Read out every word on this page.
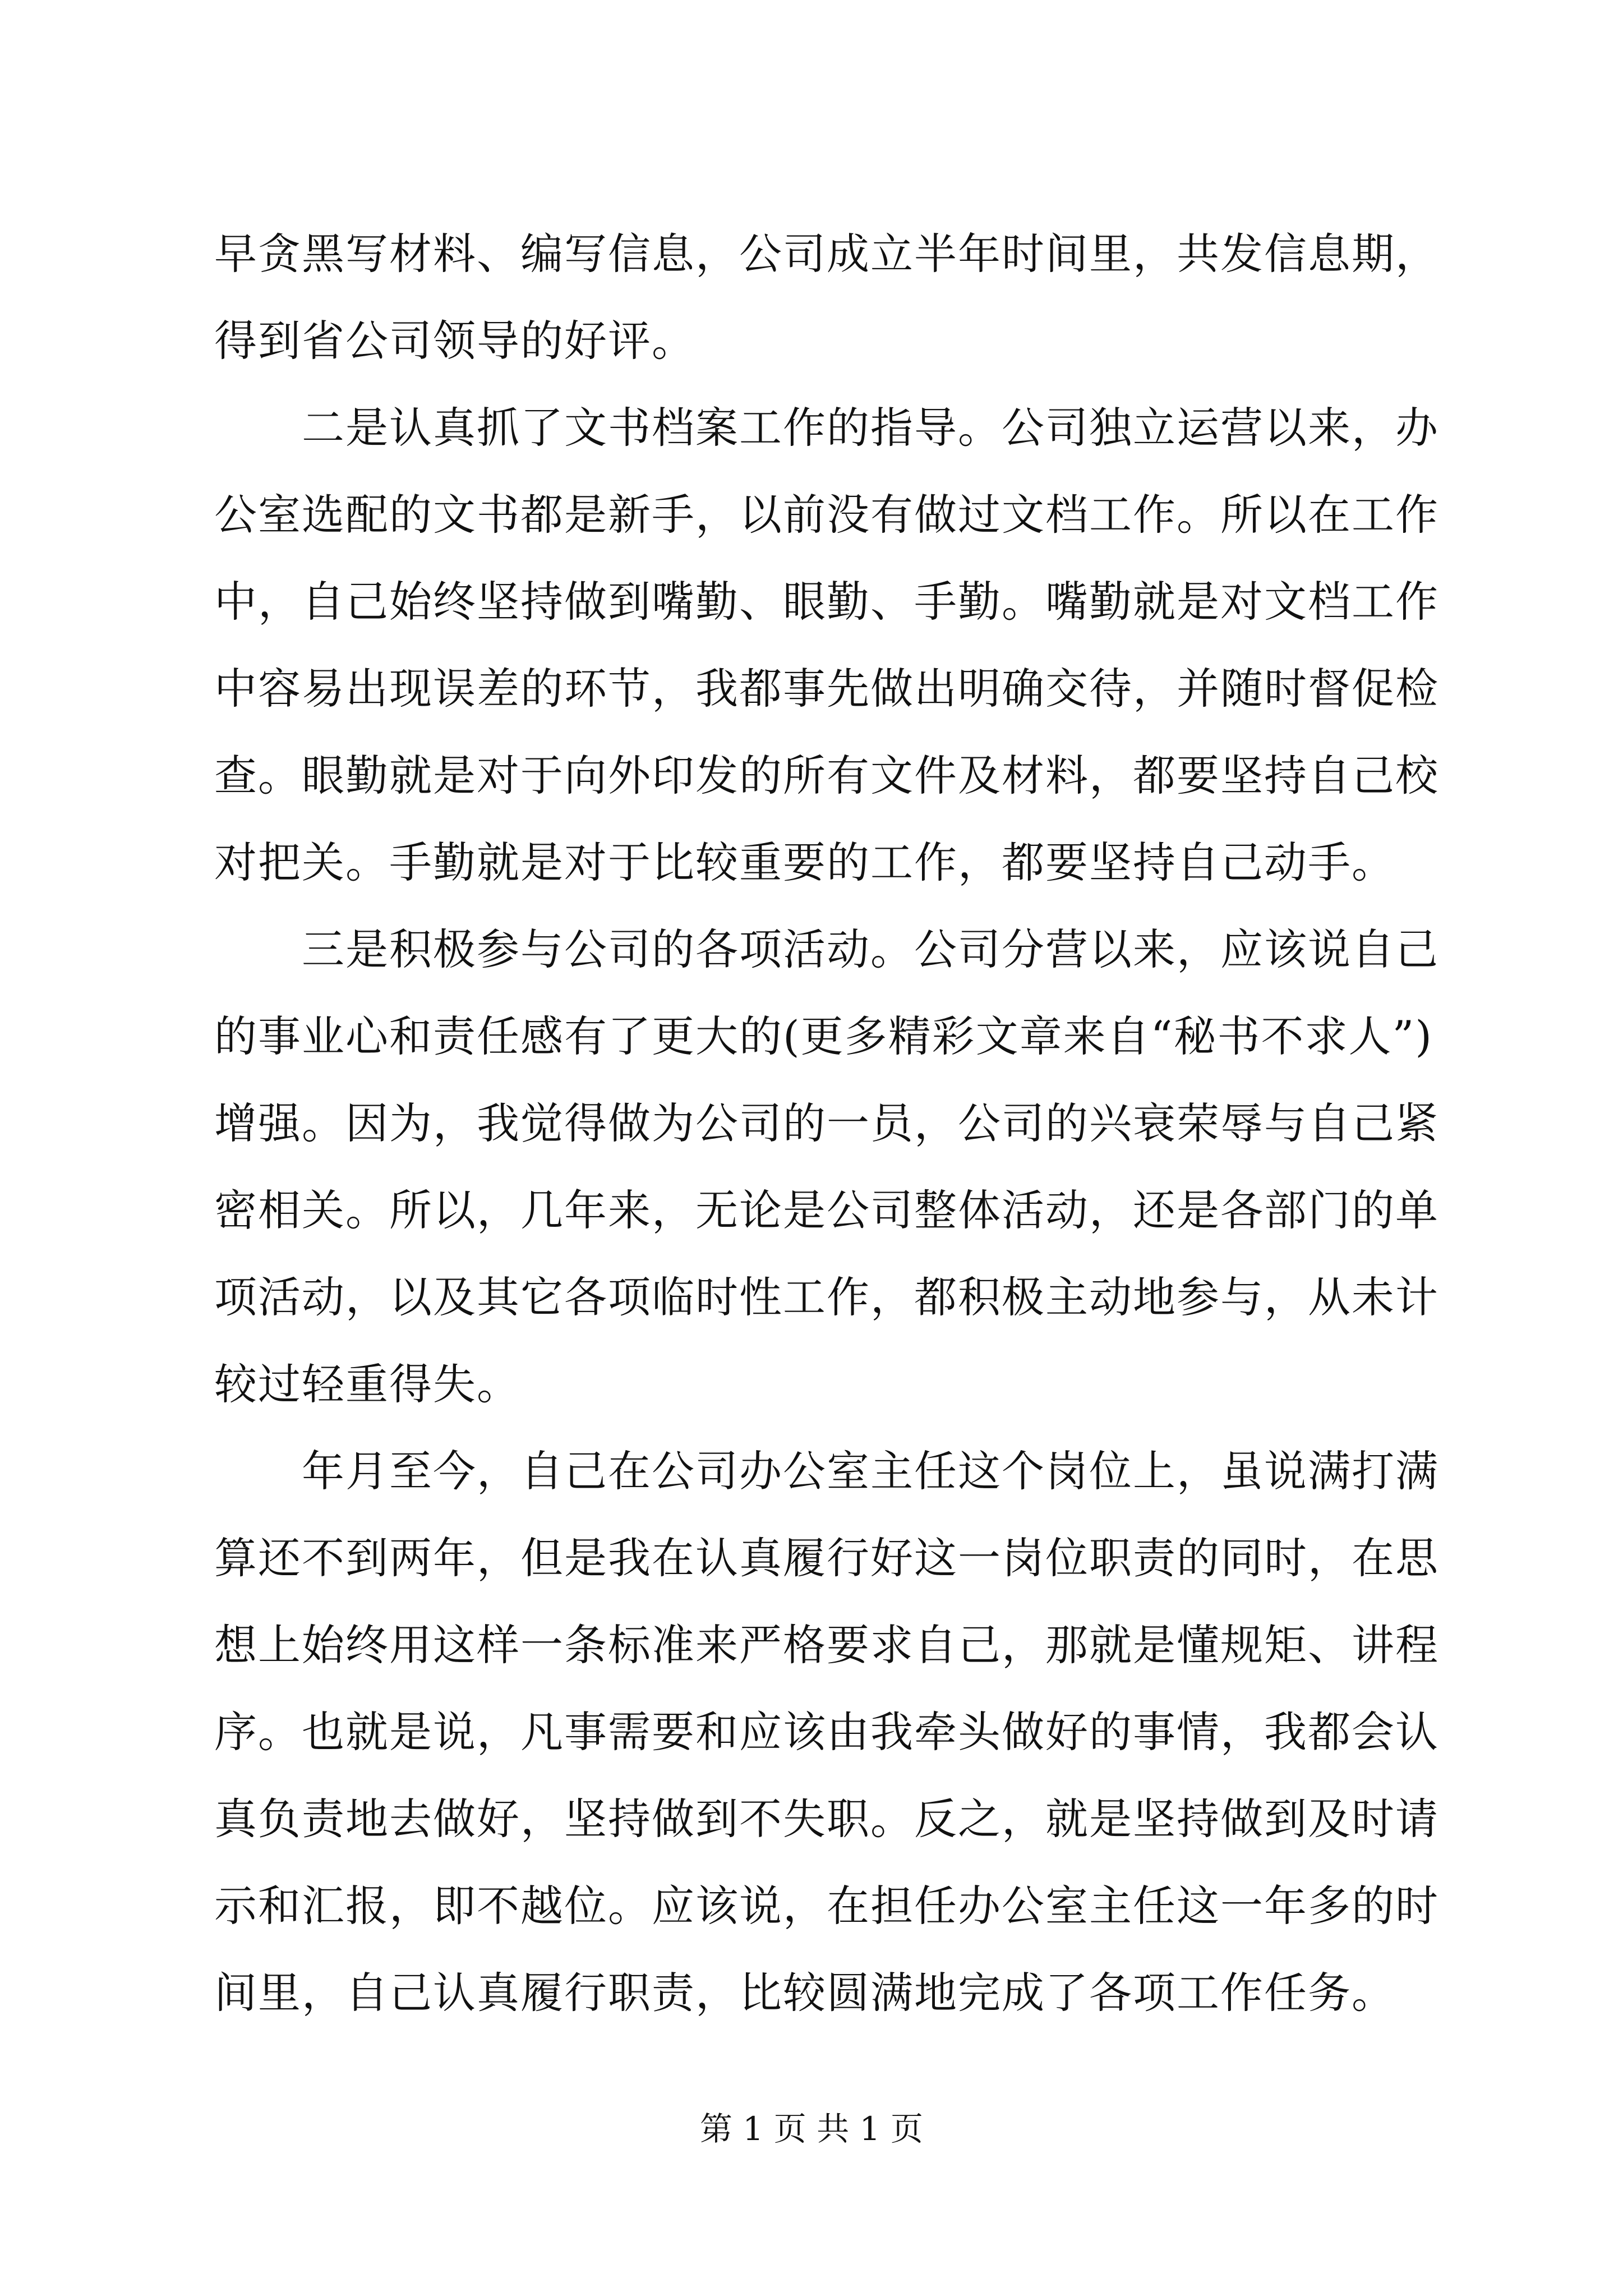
早贪黑写材料、编写信息，公司成立半年时间里，共发信息期，
得到省公司领导的好评。
二是认真抓了文书档案工作的指导。公司独立运营以来，办
公室选配的文书都是新手，以前没有做过文档工作。所以在工作
中，自己始终坚持做到嘴勤、眼勤、手勤。嘴勤就是对文档工作
中容易出现误差的环节，我都事先做出明确交待，并随时督促检
查。眼勤就是对于向外印发的所有文件及材料，都要坚持自己校
对把关。手勤就是对于比较重要的工作，都要坚持自己动手。
三是积极参与公司的各项活动。公司分营以来，应该说自己
的事业心和责任感有了更大的(更多精彩文章来自“秘书不求人”)
增强。因为，我觉得做为公司的一员，公司的兴衰荣辱与自己紧
密相关。所以，几年来，无论是公司整体活动，还是各部门的单
项活动，以及其它各项临时性工作，都积极主动地参与，从未计
较过轻重得失。
年月至今，自己在公司办公室主任这个岗位上，虽说满打满
算还不到两年，但是我在认真履行好这一岗位职责的同时，在思
想上始终用这样一条标准来严格要求自己，那就是懂规矩、讲程
序。也就是说，凡事需要和应该由我牵头做好的事情，我都会认
真负责地去做好，坚持做到不失职。反之，就是坚持做到及时请
示和汇报，即不越位。应该说，在担任办公室主任这一年多的时
间里，自己认真履行职责，比较圆满地完成了各项工作任务。
第 1 页 共 1 页
